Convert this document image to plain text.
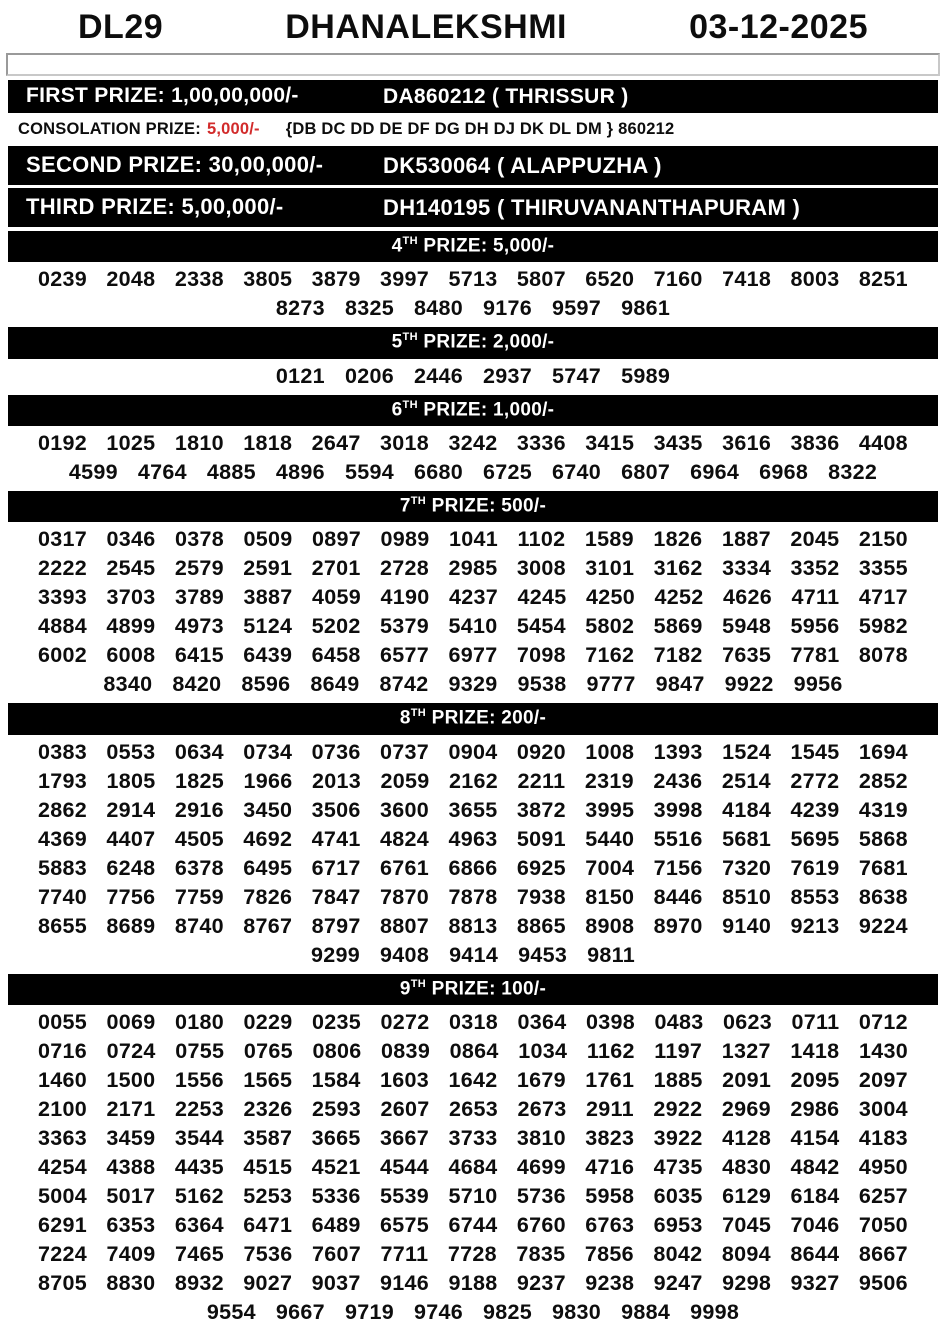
DL29	DHANALEKSHMI	03-12-2025
FIRST PRIZE: 1,00,00,000/-	DA860212 ( THRISSUR )
CONSOLATION PRIZE: 5,000/- {DB DC DD DE DF DG DH DJ DK DL DM } 860212
SECOND PRIZE: 30,00,000/-	DK530064 ( ALAPPUZHA )
THIRD PRIZE: 5,00,000/-	DH140195 ( THIRUVANANTHAPURAM )
4TH PRIZE: 5,000/-
0239 2048 2338 3805 3879 3997 5713 5807 6520 7160 7418 8003 8251
8273 8325 8480 9176 9597 9861
5TH PRIZE: 2,000/-
0121 0206 2446 2937 5747 5989
6TH PRIZE: 1,000/-
0192 1025 1810 1818 2647 3018 3242 3336 3415 3435 3616 3836 4408
4599 4764 4885 4896 5594 6680 6725 6740 6807 6964 6968 8322
7TH PRIZE: 500/-
0317 0346 0378 0509 0897 0989 1041 1102 1589 1826 1887 2045 2150
2222 2545 2579 2591 2701 2728 2985 3008 3101 3162 3334 3352 3355
3393 3703 3789 3887 4059 4190 4237 4245 4250 4252 4626 4711 4717
4884 4899 4973 5124 5202 5379 5410 5454 5802 5869 5948 5956 5982
6002 6008 6415 6439 6458 6577 6977 7098 7162 7182 7635 7781 8078
8340 8420 8596 8649 8742 9329 9538 9777 9847 9922 9956
8TH PRIZE: 200/-
0383 0553 0634 0734 0736 0737 0904 0920 1008 1393 1524 1545 1694
1793 1805 1825 1966 2013 2059 2162 2211 2319 2436 2514 2772 2852
2862 2914 2916 3450 3506 3600 3655 3872 3995 3998 4184 4239 4319
4369 4407 4505 4692 4741 4824 4963 5091 5440 5516 5681 5695 5868
5883 6248 6378 6495 6717 6761 6866 6925 7004 7156 7320 7619 7681
7740 7756 7759 7826 7847 7870 7878 7938 8150 8446 8510 8553 8638
8655 8689 8740 8767 8797 8807 8813 8865 8908 8970 9140 9213 9224
9299 9408 9414 9453 9811
9TH PRIZE: 100/-
0055 0069 0180 0229 0235 0272 0318 0364 0398 0483 0623 0711 0712
0716 0724 0755 0765 0806 0839 0864 1034 1162 1197 1327 1418 1430
1460 1500 1556 1565 1584 1603 1642 1679 1761 1885 2091 2095 2097
2100 2171 2253 2326 2593 2607 2653 2673 2911 2922 2969 2986 3004
3363 3459 3544 3587 3665 3667 3733 3810 3823 3922 4128 4154 4183
4254 4388 4435 4515 4521 4544 4684 4699 4716 4735 4830 4842 4950
5004 5017 5162 5253 5336 5539 5710 5736 5958 6035 6129 6184 6257
6291 6353 6364 6471 6489 6575 6744 6760 6763 6953 7045 7046 7050
7224 7409 7465 7536 7607 7711 7728 7835 7856 8042 8094 8644 8667
8705 8830 8932 9027 9037 9146 9188 9237 9238 9247 9298 9327 9506
9554 9667 9719 9746 9825 9830 9884 9998
